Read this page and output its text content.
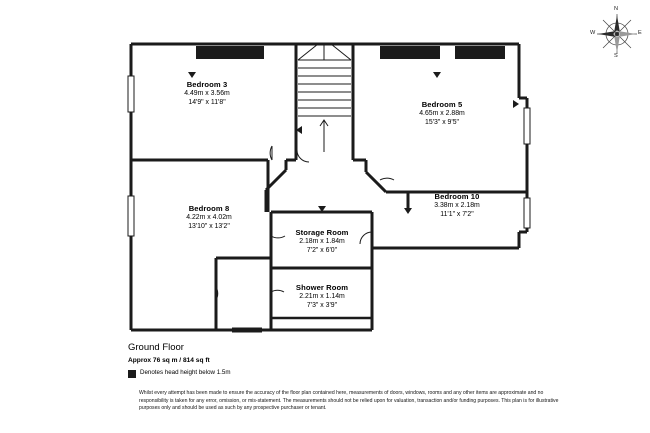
Bedroom 3
4.49m x 3.56m
14'9" x 11'8"	Bedroom 5
4.65m x 2.88m
15'3" x 9'5"
Bedroom 8
4.22m x 4.02m
13'10" x 13'2"
Bedroom 10
3.38m x 2.18m
11'1" x 7'2"
Storage Room
2.18m x 1.84m
7'2" x 6'0"
Shower Room
2.21m x 1.14m
7'3" x 3'9"
Ground Floor
Approx 76 sq m / 814 sq ft
Denotes head height below 1.5m
Whilst every attempt has been made to ensure the accuracy of the floor plan contained here, measurements of doors, windows, rooms and any other items are approximate and no responsibility is taken for any error, omission, or mis-statement. The measurements should not be relied upon for valuation, transaction and/or funding purposes. This plan is for illustrative purposes only and should be used as such by any prospective purchaser or tenant.
N
S
E
W
